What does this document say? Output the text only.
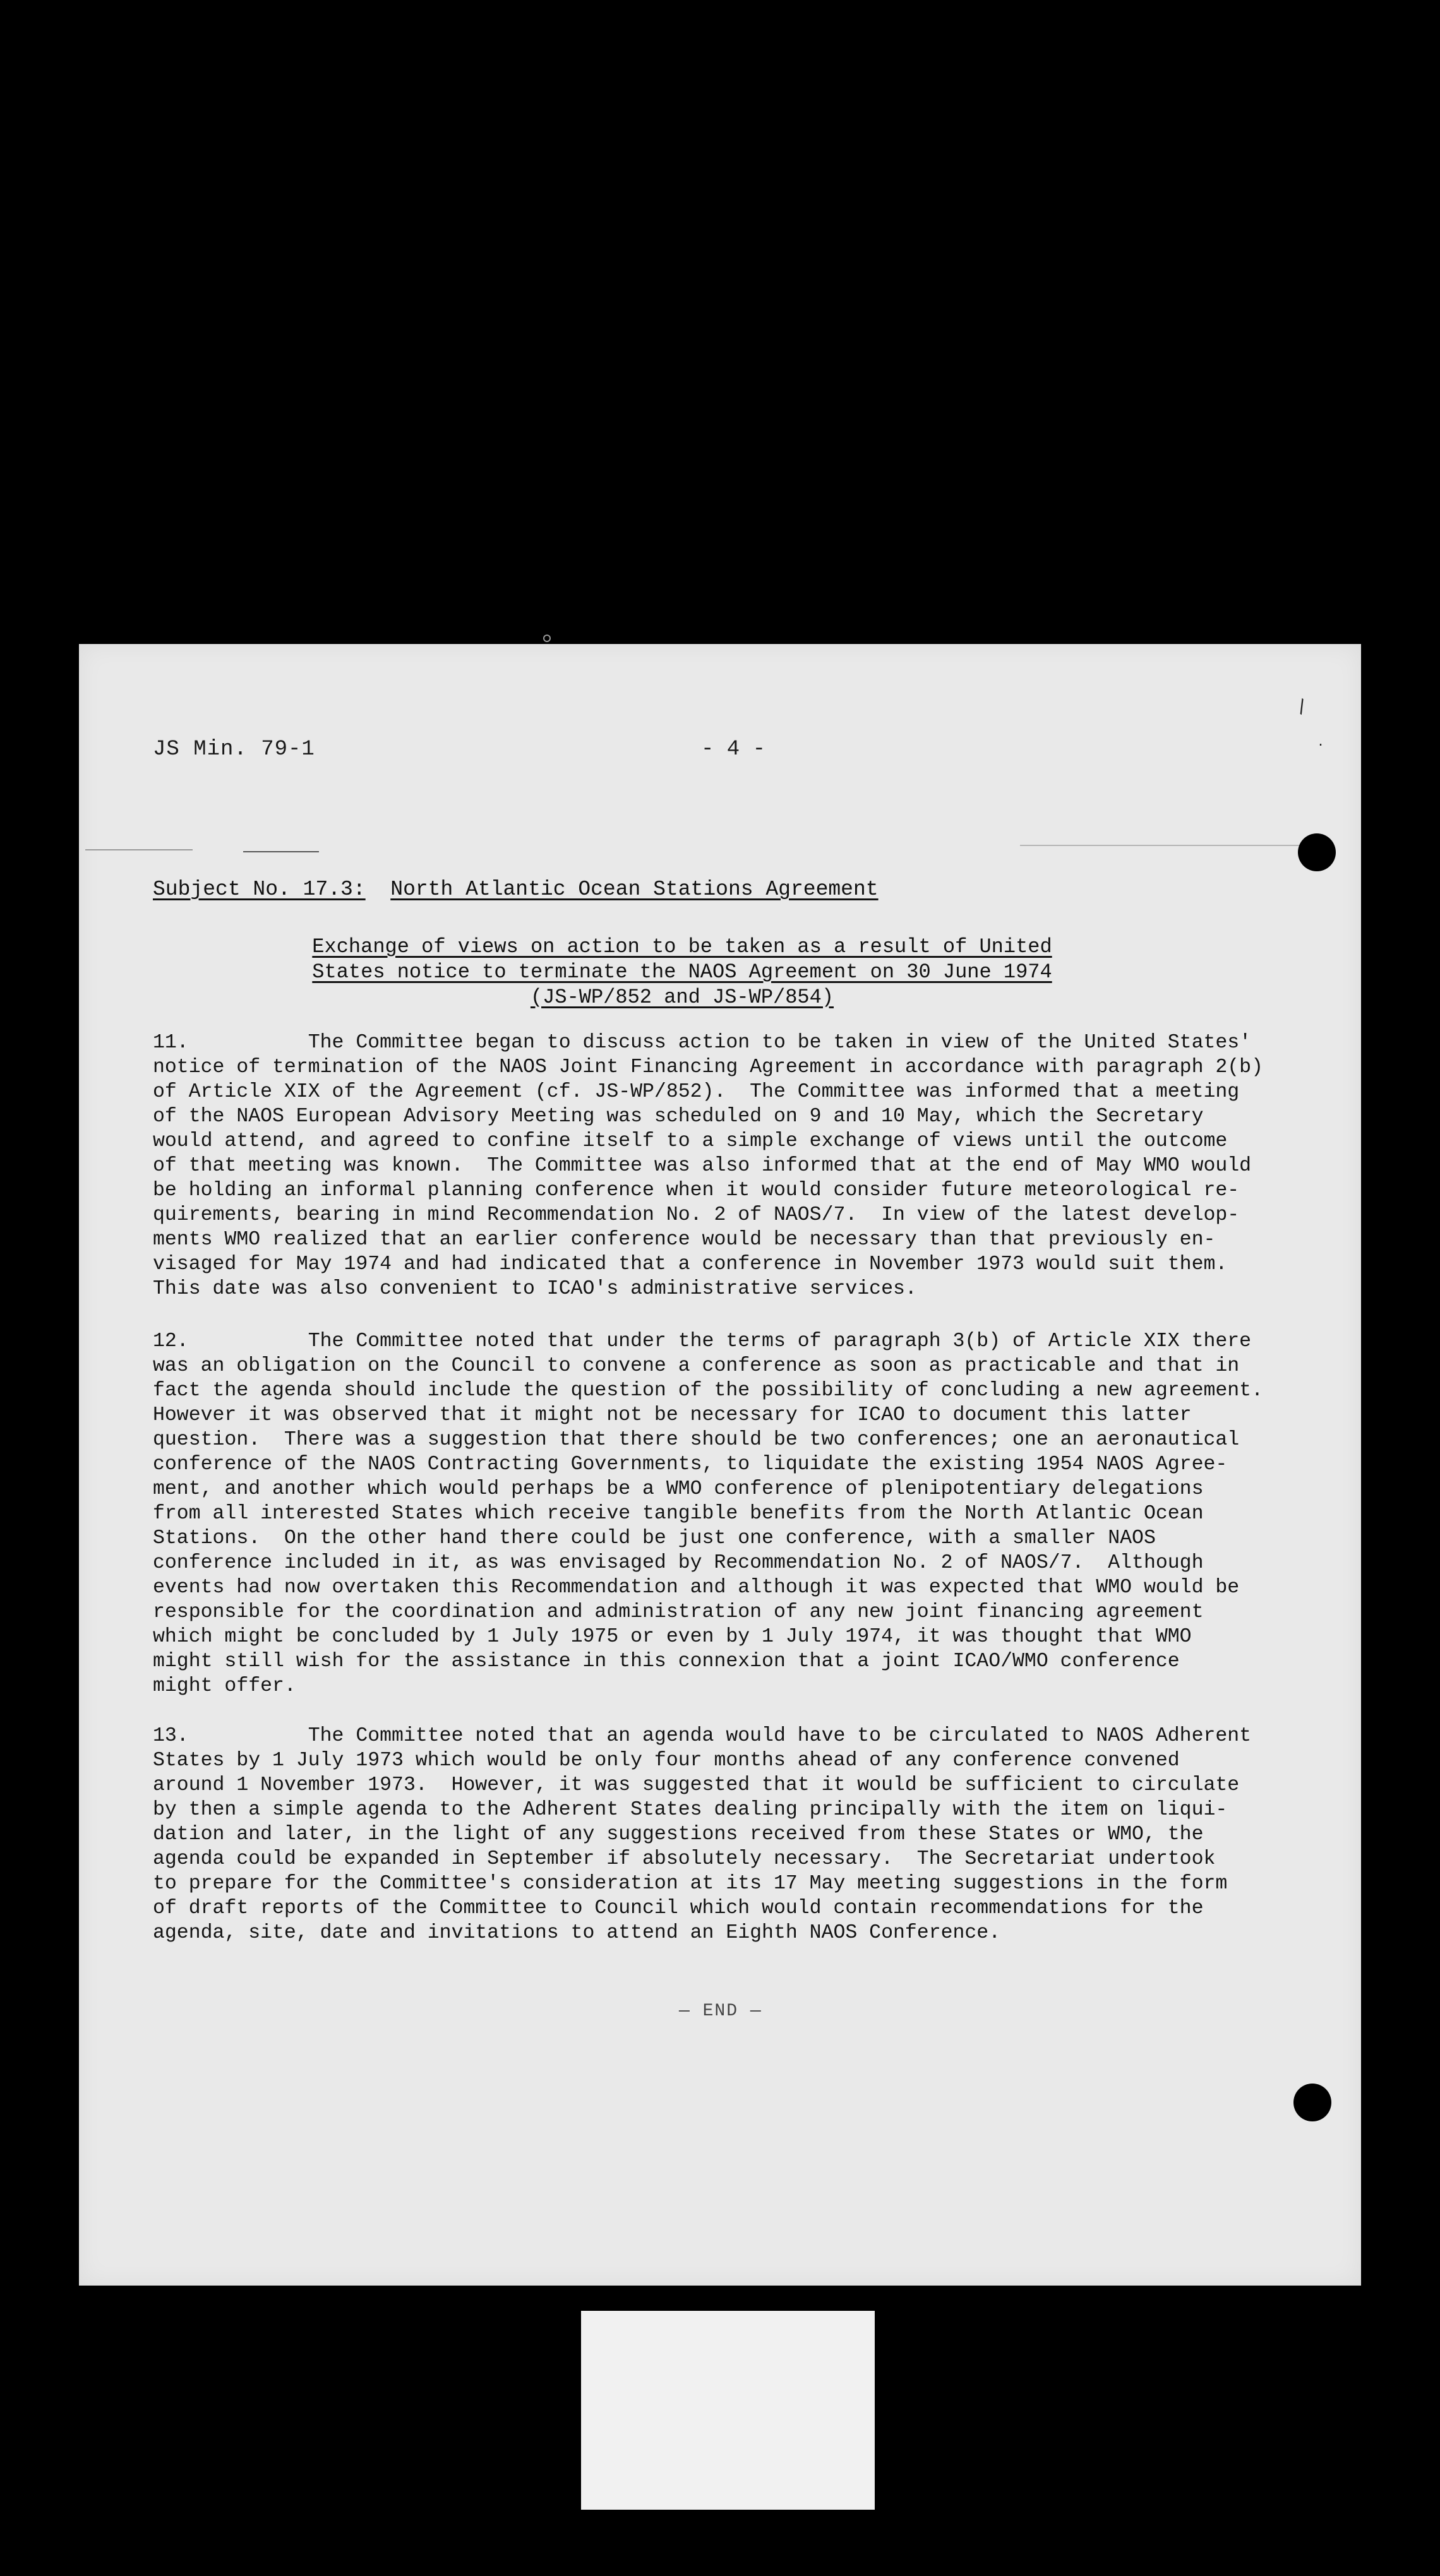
JS Min. 79-1	- 4 -
\
.
Subject No. 17.3: North Atlantic Ocean Stations Agreement
Exchange of views on action to be taken as a result of United
States notice to terminate the NAOS Agreement on 30 June 1974
(JS-WP/852 and JS-WP/854)
11.          The Committee began to discuss action to be taken in view of the United States'
notice of termination of the NAOS Joint Financing Agreement in accordance with paragraph 2(b)
of Article XIX of the Agreement (cf. JS-WP/852).  The Committee was informed that a meeting
of the NAOS European Advisory Meeting was scheduled on 9 and 10 May, which the Secretary
would attend, and agreed to confine itself to a simple exchange of views until the outcome
of that meeting was known.  The Committee was also informed that at the end of May WMO would
be holding an informal planning conference when it would consider future meteorological re-
quirements, bearing in mind Recommendation No. 2 of NAOS/7.  In view of the latest develop-
ments WMO realized that an earlier conference would be necessary than that previously en-
visaged for May 1974 and had indicated that a conference in November 1973 would suit them.
This date was also convenient to ICAO's administrative services.
12.          The Committee noted that under the terms of paragraph 3(b) of Article XIX there
was an obligation on the Council to convene a conference as soon as practicable and that in
fact the agenda should include the question of the possibility of concluding a new agreement.
However it was observed that it might not be necessary for ICAO to document this latter
question.  There was a suggestion that there should be two conferences; one an aeronautical
conference of the NAOS Contracting Governments, to liquidate the existing 1954 NAOS Agree-
ment, and another which would perhaps be a WMO conference of plenipotentiary delegations
from all interested States which receive tangible benefits from the North Atlantic Ocean
Stations.  On the other hand there could be just one conference, with a smaller NAOS
conference included in it, as was envisaged by Recommendation No. 2 of NAOS/7.  Although
events had now overtaken this Recommendation and although it was expected that WMO would be
responsible for the coordination and administration of any new joint financing agreement
which might be concluded by 1 July 1975 or even by 1 July 1974, it was thought that WMO
might still wish for the assistance in this connexion that a joint ICAO/WMO conference
might offer.
13.          The Committee noted that an agenda would have to be circulated to NAOS Adherent
States by 1 July 1973 which would be only four months ahead of any conference convened
around 1 November 1973.  However, it was suggested that it would be sufficient to circulate
by then a simple agenda to the Adherent States dealing principally with the item on liqui-
dation and later, in the light of any suggestions received from these States or WMO, the
agenda could be expanded in September if absolutely necessary.  The Secretariat undertook
to prepare for the Committee's consideration at its 17 May meeting suggestions in the form
of draft reports of the Committee to Council which would contain recommendations for the
agenda, site, date and invitations to attend an Eighth NAOS Conference.
— END —
